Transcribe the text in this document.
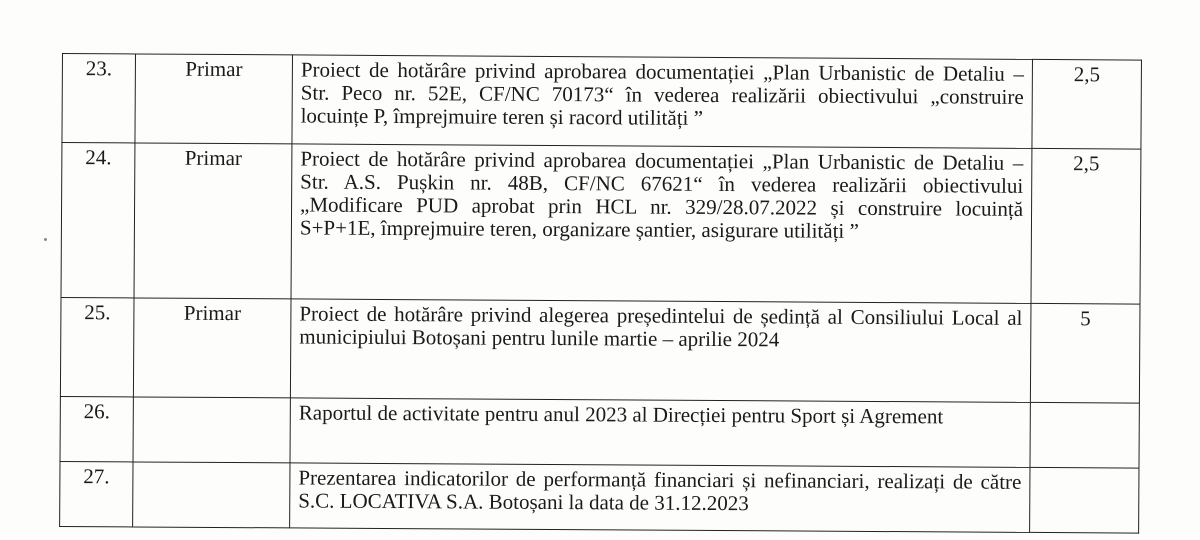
23.	Primar	Proiect de hotărâre privind aprobarea documentației „Plan Urbanistic de Detaliu – Str. Peco nr. 52E, CF/NC 70173“ în vederea realizării obiectivului „construire locuințe P, împrejmuire teren și racord utilități ”	2,5
24.	Primar	Proiect de hotărâre privind aprobarea documentației „Plan Urbanistic de Detaliu – Str. A.S. Pușkin nr. 48B, CF/NC 67621“ în vederea realizării obiectivului „Modificare PUD aprobat prin HCL nr. 329/28.07.2022 și construire locuință S+P+1E, împrejmuire teren, organizare șantier, asigurare utilități ”	2,5
25.	Primar	Proiect de hotărâre privind alegerea președintelui de ședință al Consiliului Local al municipiului Botoșani pentru lunile martie – aprilie 2024	5
26.		Raportul de activitate pentru anul 2023 al Direcției pentru Sport și Agrement	
27.		Prezentarea indicatorilor de performanță financiari și nefinanciari, realizați de către S.C. LOCATIVA S.A. Botoșani la data de 31.12.2023	
